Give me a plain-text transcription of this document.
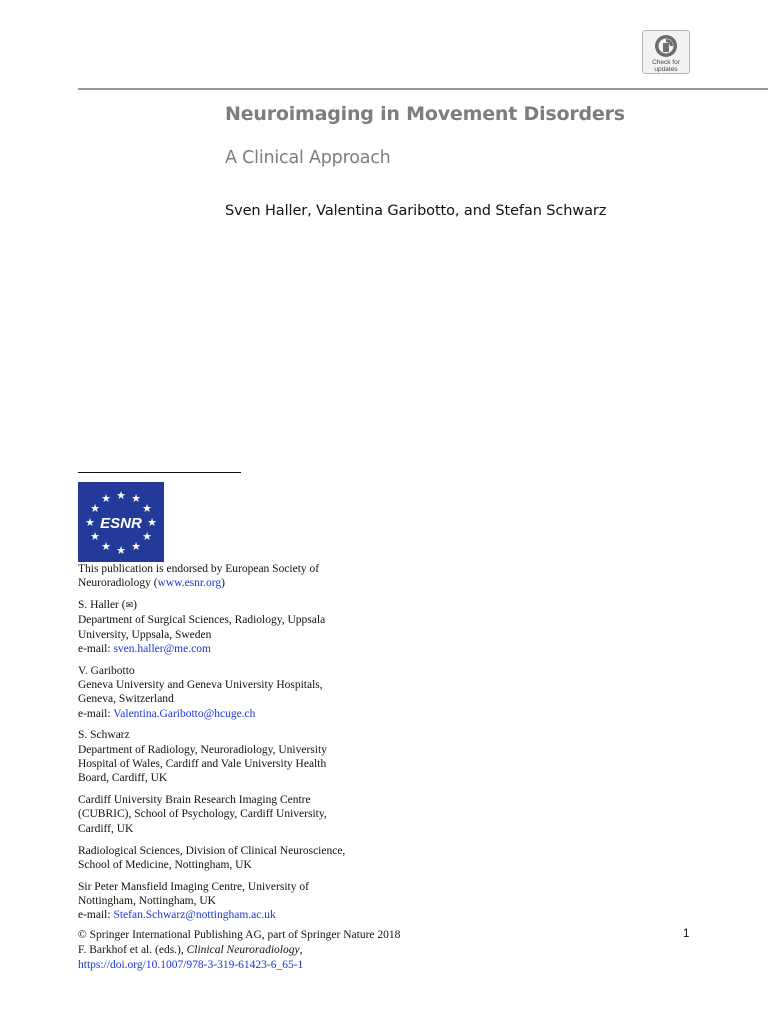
Check for
updates
Neuroimaging in Movement Disorders
A Clinical Approach
Sven Haller, Valentina Garibotto, and Stefan Schwarz
★
★ ★
★	★
★	★
★	★
★ ★
★
ESNR
This publication is endorsed by European Society of
Neuroradiology (www.esnr.org)
S. Haller (✉)
Department of Surgical Sciences, Radiology, Uppsala
University, Uppsala, Sweden
e-mail: sven.haller@me.com
V. Garibotto
Geneva University and Geneva University Hospitals,
Geneva, Switzerland
e-mail: Valentina.Garibotto@hcuge.ch
S. Schwarz
Department of Radiology, Neuroradiology, University
Hospital of Wales, Cardiff and Vale University Health
Board, Cardiff, UK
Cardiff University Brain Research Imaging Centre
(CUBRIC), School of Psychology, Cardiff University,
Cardiff, UK
Radiological Sciences, Division of Clinical Neuroscience,
School of Medicine, Nottingham, UK
Sir Peter Mansfield Imaging Centre, University of
Nottingham, Nottingham, UK
e-mail: Stefan.Schwarz@nottingham.ac.uk
© Springer International Publishing AG, part of Springer Nature 2018
F. Barkhof et al. (eds.), Clinical Neuroradiology,
https://doi.org/10.1007/978-3-319-61423-6_65-1
1
